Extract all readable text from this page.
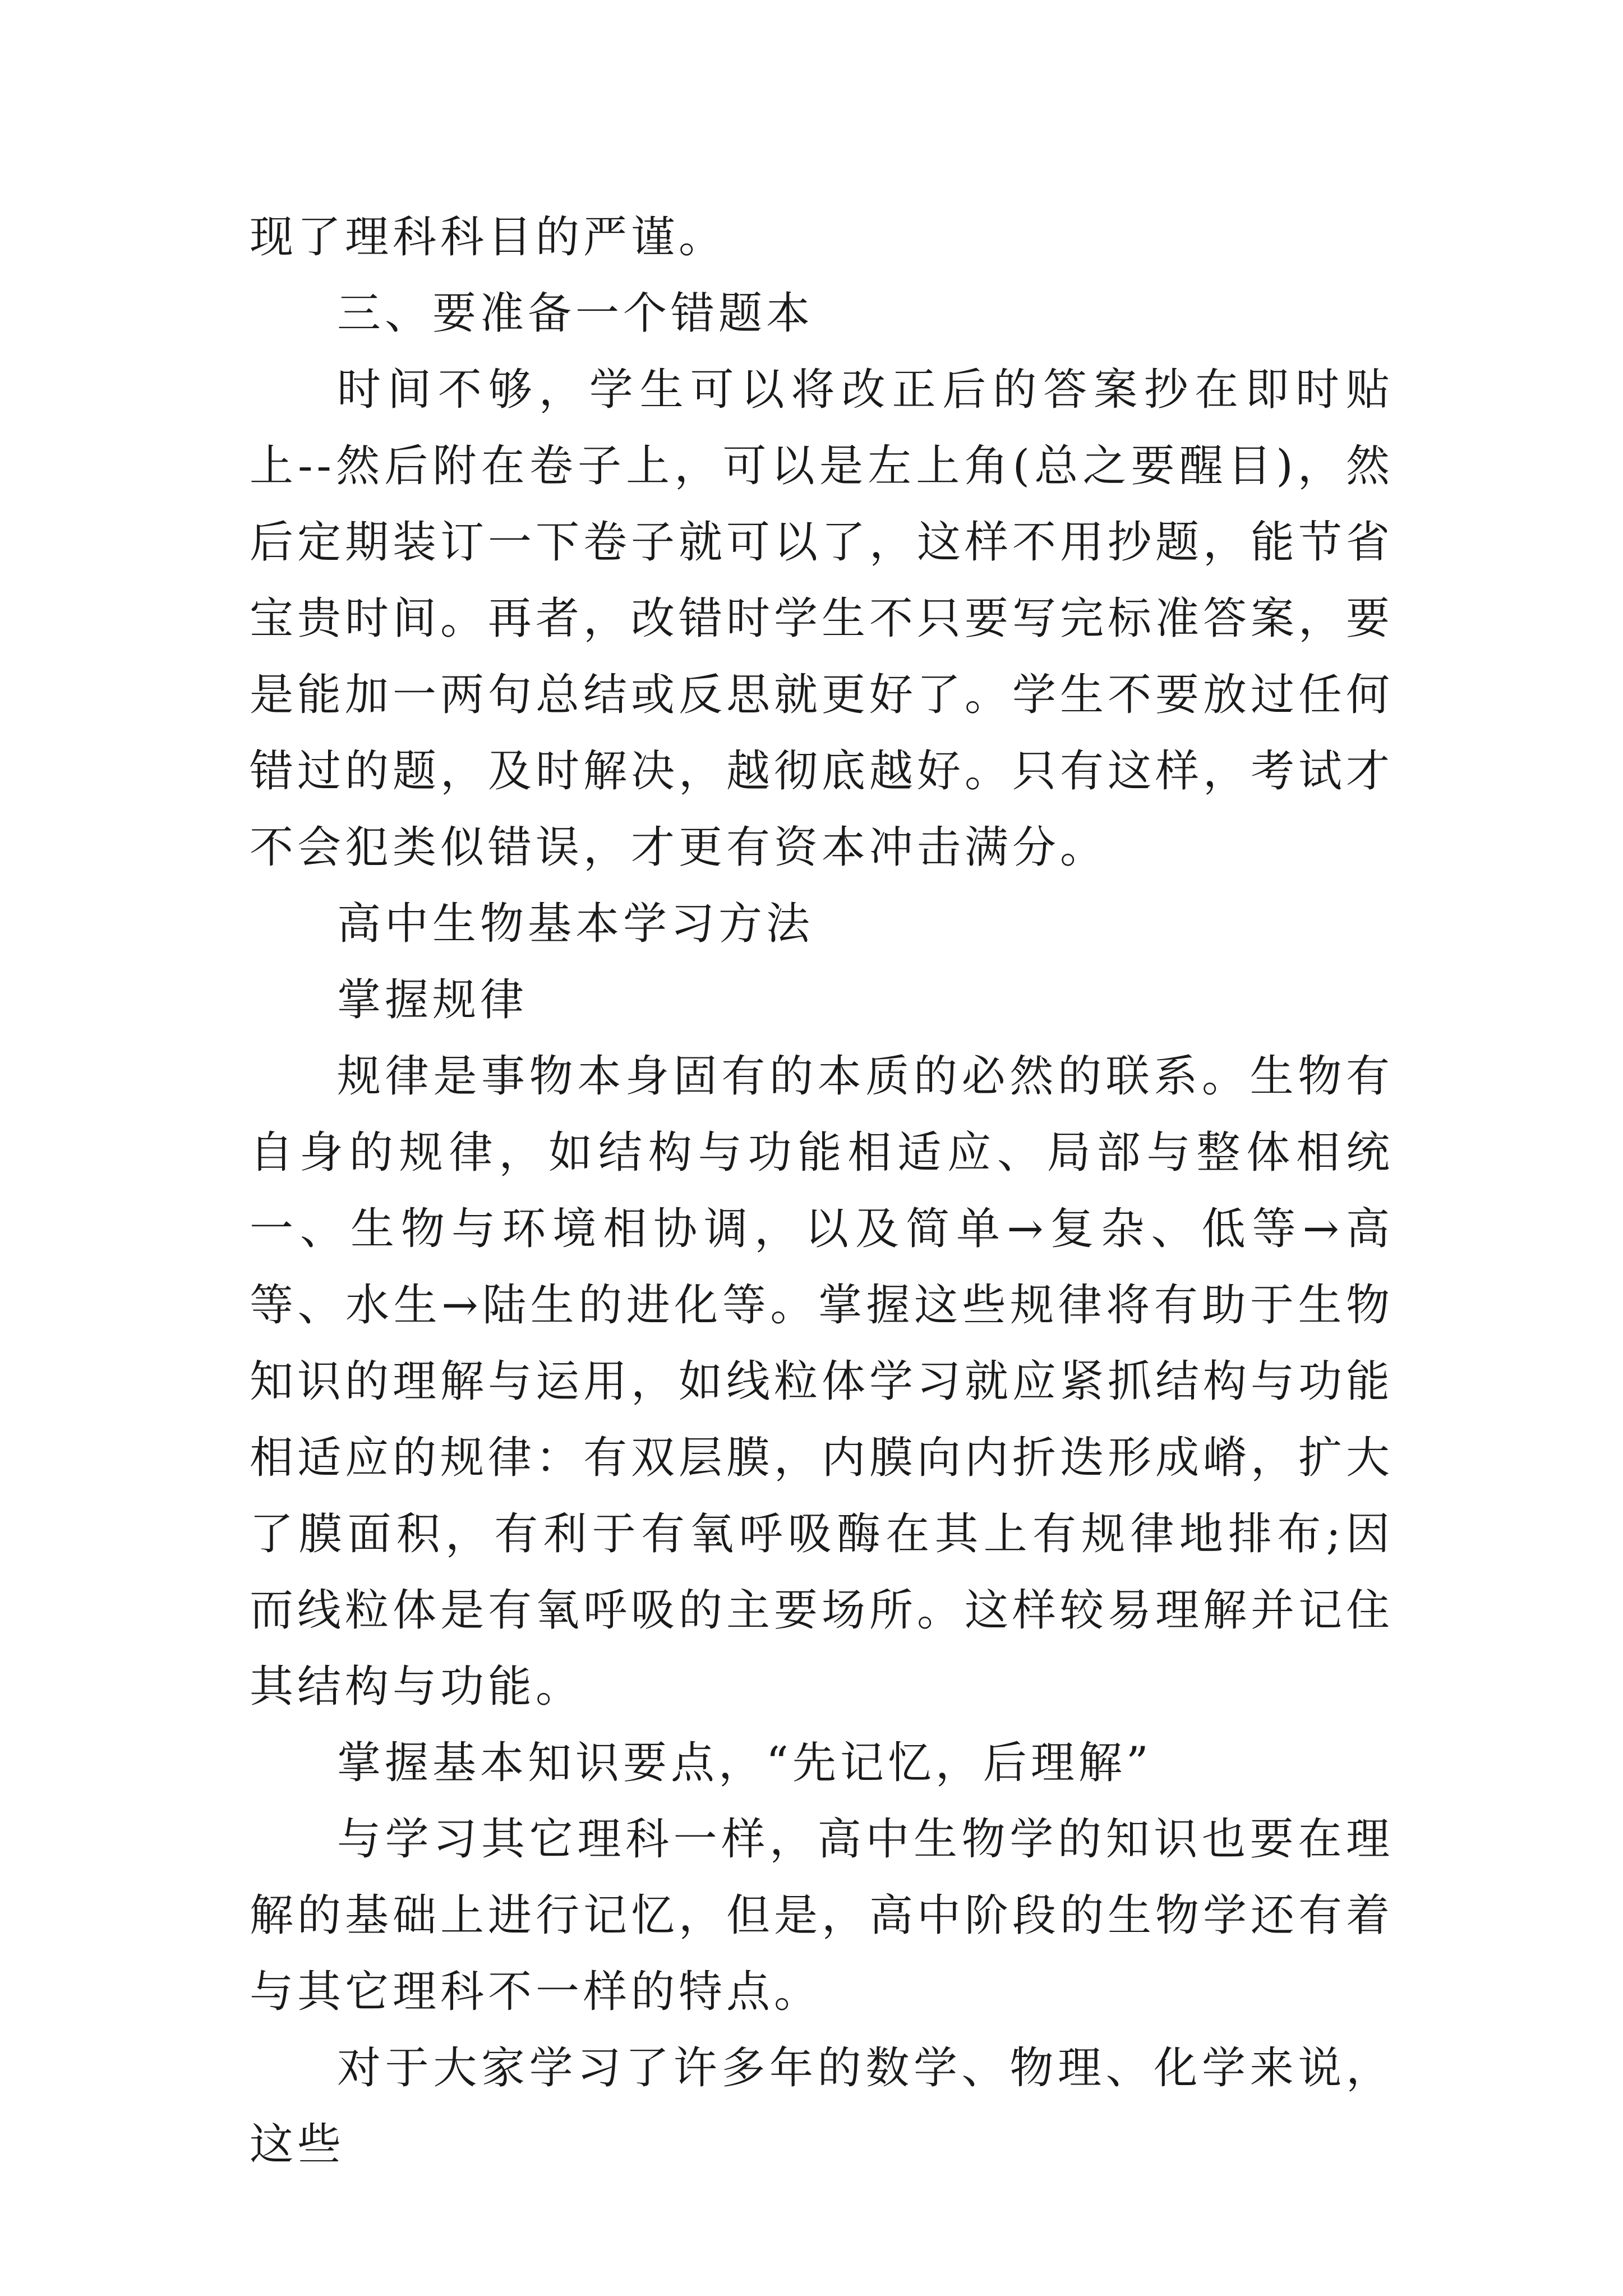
现了理科科目的严谨。

三、要准备一个错题本

时间不够，学生可以将改正后的答案抄在即时贴上--然后附在卷子上，可以是左上角(总之要醒目)，然后定期装订一下卷子就可以了，这样不用抄题，能节省宝贵时间。再者，改错时学生不只要写完标准答案，要是能加一两句总结或反思就更好了。学生不要放过任何错过的题，及时解决，越彻底越好。只有这样，考试才不会犯类似错误，才更有资本冲击满分。

高中生物基本学习方法

掌握规律

规律是事物本身固有的本质的必然的联系。生物有自身的规律，如结构与功能相适应、局部与整体相统一、生物与环境相协调，以及简单→复杂、低等→高等、水生→陆生的进化等。掌握这些规律将有助于生物知识的理解与运用，如线粒体学习就应紧抓结构与功能相适应的规律：有双层膜，内膜向内折迭形成嵴，扩大了膜面积，有利于有氧呼吸酶在其上有规律地排布;因而线粒体是有氧呼吸的主要场所。这样较易理解并记住其结构与功能。

掌握基本知识要点，“先记忆，后理解”

与学习其它理科一样，高中生物学的知识也要在理解的基础上进行记忆，但是，高中阶段的生物学还有着与其它理科不一样的特点。

对于大家学习了许多年的数学、物理、化学来说，这些
